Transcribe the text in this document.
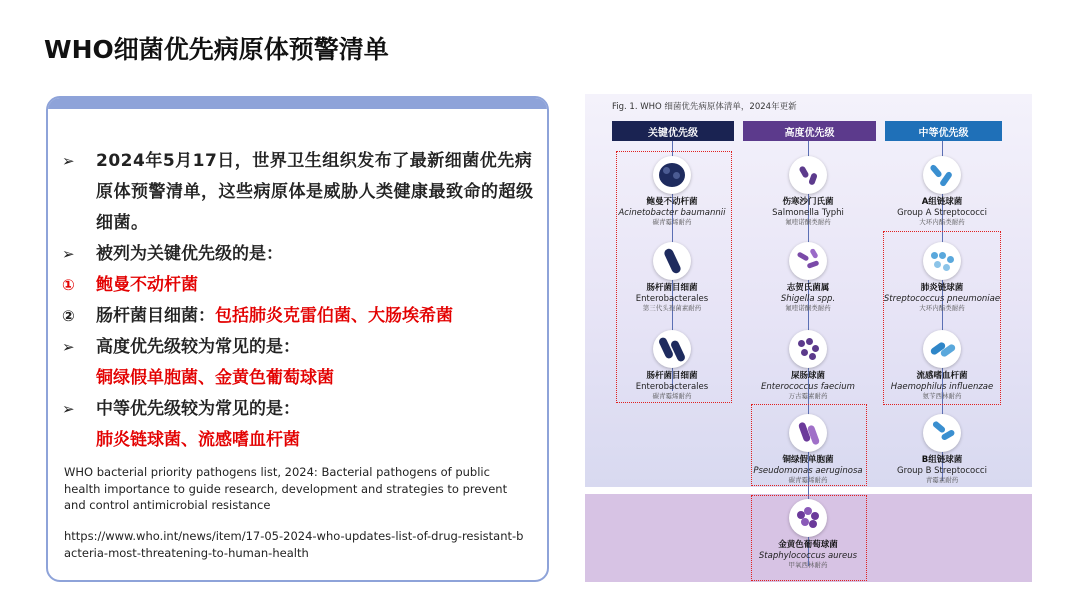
WHO细菌优先病原体预警清单
➢	2024年5月17日，世界卫生组织发布了最新细菌优先病原体预警清单，这些病原体是威胁人类健康最致命的超级细菌。
➢	被列为关键优先级的是：
①	鲍曼不动杆菌
②	肠杆菌目细菌：包括肺炎克雷伯菌、大肠埃希菌
➢	高度优先级较为常见的是：
铜绿假单胞菌、金黄色葡萄球菌
➢	中等优先级较为常见的是：
肺炎链球菌、流感嗜血杆菌
WHO bacterial priority pathogens list, 2024: Bacterial pathogens of public health importance to guide research, development and strategies to prevent and control antimicrobial resistance
https://www.who.int/news/item/17-05-2024-who-updates-list-of-drug-resistant-bacteria-most-threatening-to-human-health
Fig. 1. WHO 细菌优先病原体清单，2024年更新
关键优先级	高度优先级	中等优先级
鲍曼不动杆菌
Acinetobacter baumannii
碳青霉烯耐药
肠杆菌目细菌
Enterobacterales
第三代头孢菌素耐药
肠杆菌目细菌
Enterobacterales
碳青霉烯耐药
伤寒沙门氏菌
Salmonella Typhi
氟喹诺酮类耐药
志贺氏菌属
Shigella spp.
氟喹诺酮类耐药
屎肠球菌
Enterococcus faecium
万古霉素耐药
铜绿假单胞菌
Pseudomonas aeruginosa
碳青霉烯耐药
金黄色葡萄球菌
Staphylococcus aureus
甲氧西林耐药
A组链球菌
Group A Streptococci
大环内酯类耐药
肺炎链球菌
Streptococcus pneumoniae
大环内酯类耐药
流感嗜血杆菌
Haemophilus influenzae
氨苄西林耐药
B组链球菌
Group B Streptococci
青霉素耐药
